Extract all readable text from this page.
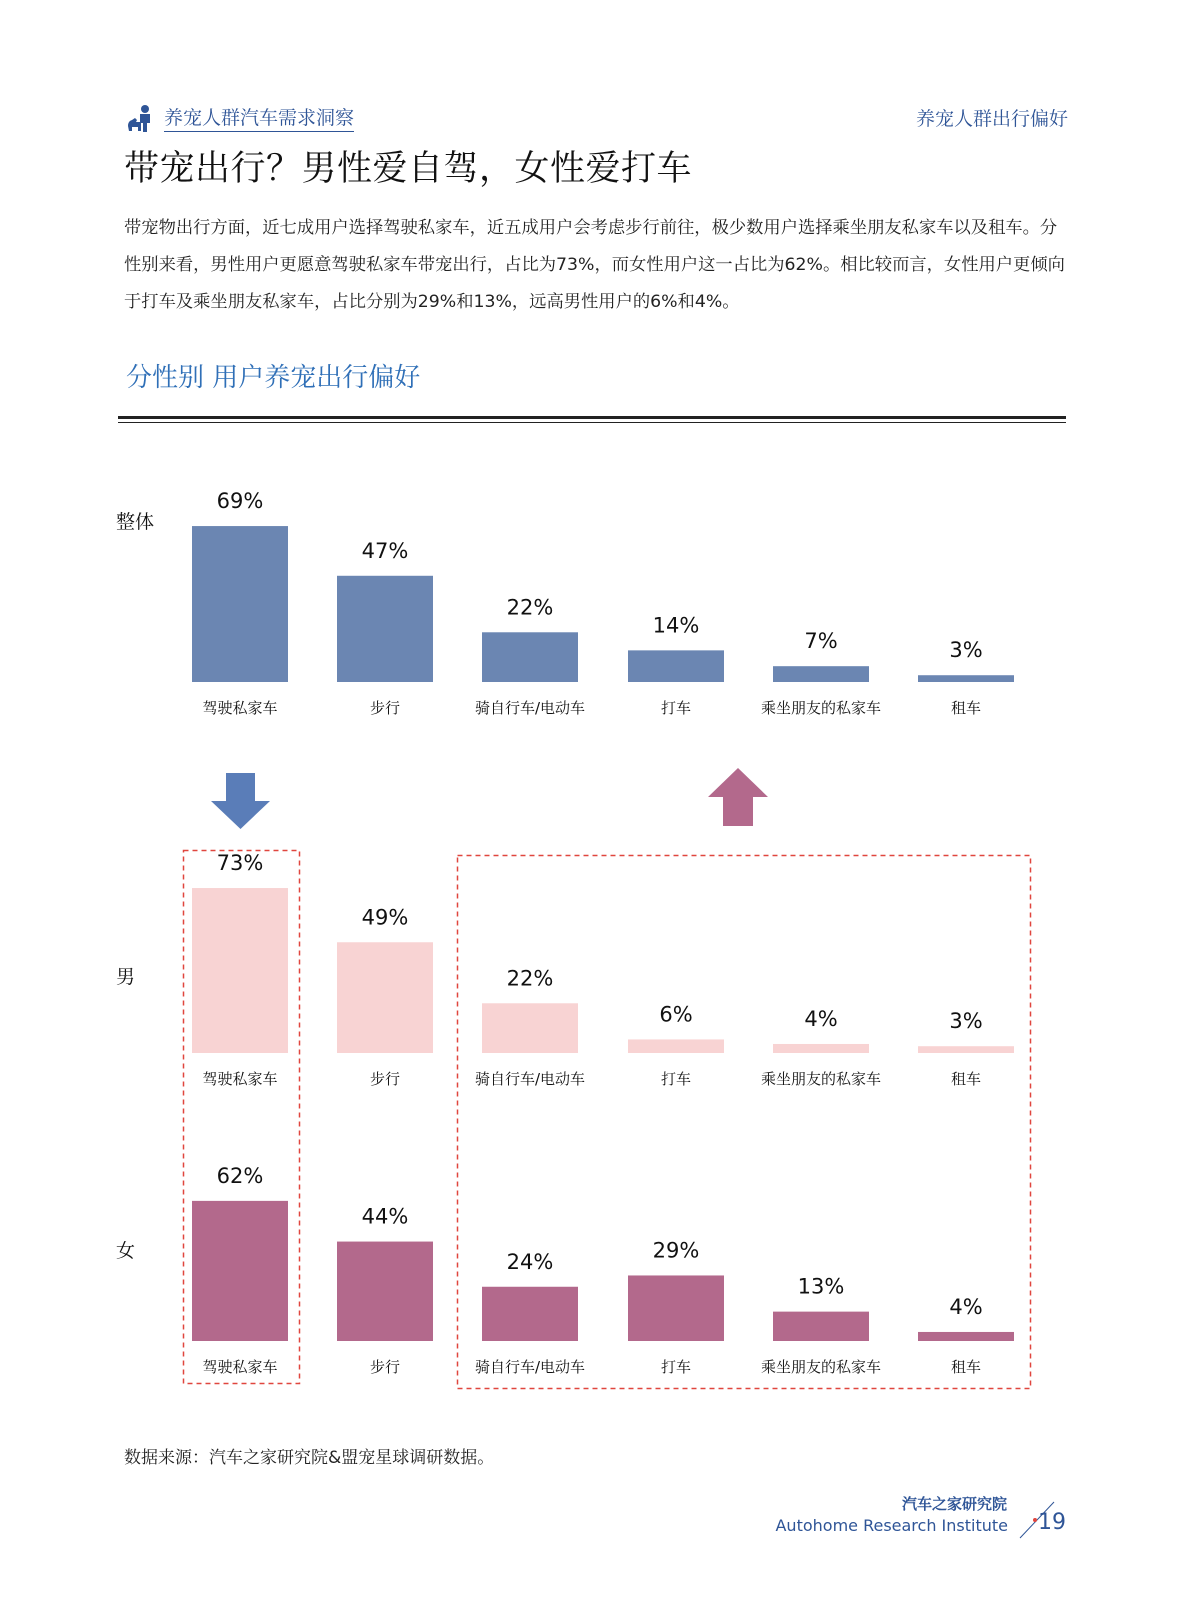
养宠人群汽车需求洞察	养宠人群出行偏好
带宠出行？男性爱自驾，女性爱打车
带宠物出行方面，近七成用户选择驾驶私家车，近五成用户会考虑步行前往，极少数用户选择乘坐朋友私家车以及租车。分性别来看，男性用户更愿意驾驶私家车带宠出行，占比为73%，而女性用户这一占比为62%。相比较而言，女性用户更倾向于打车及乘坐朋友私家车，占比分别为29%和13%，远高男性用户的6%和4%。
分性别 用户养宠出行偏好
整体
69%
驾驶私家车
47%
步行
22%
骑自行车/电动车
14%
打车
7%
乘坐朋友的私家车
3%
租车
男
73%
驾驶私家车
49%
步行
22%
骑自行车/电动车
6%
打车
4%
乘坐朋友的私家车
3%
租车
女
62%
驾驶私家车
44%
步行
24%
骑自行车/电动车
29%
打车
13%
乘坐朋友的私家车
4%
租车
数据来源：汽车之家研究院&盟宠星球调研数据。
汽车之家研究院
Autohome Research Institute 19
